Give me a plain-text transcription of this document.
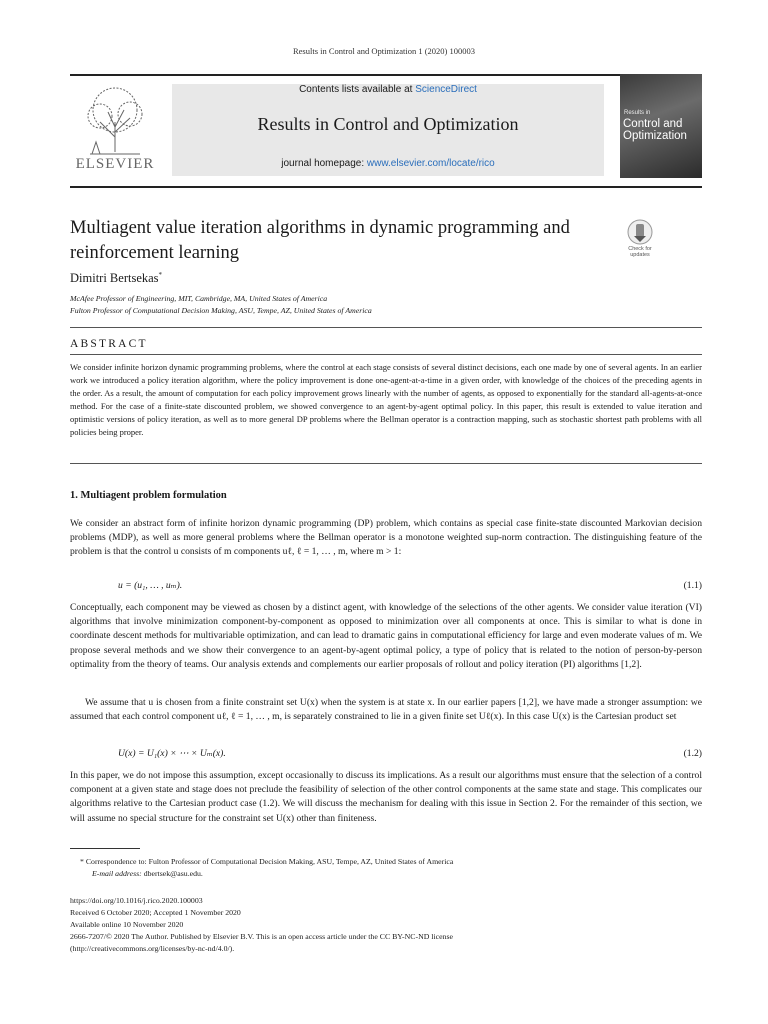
Results in Control and Optimization 1 (2020) 100003
ELSEVIER
Contents lists available at ScienceDirect
Results in Control and Optimization
journal homepage: www.elsevier.com/locate/rico
Results in
Control and
Optimization
Multiagent value iteration algorithms in dynamic programming and
reinforcement learning	Check for
updates
Dimitri Bertsekas*
McAfee Professor of Engineering, MIT, Cambridge, MA, United States of America
Fulton Professor of Computational Decision Making, ASU, Tempe, AZ, United States of America
ABSTRACT
We consider infinite horizon dynamic programming problems, where the control at each stage consists of several distinct decisions, each one made by one of several agents. In an earlier work we introduced a policy iteration algorithm, where the policy improvement is done one-agent-at-a-time in a given order, with knowledge of the choices of the preceding agents in the order. As a result, the amount of computation for each policy improvement grows linearly with the number of agents, as opposed to exponentially for the standard all-agents-at-once method. For the case of a finite-state discounted problem, we showed convergence to an agent-by-agent optimal policy. In this paper, this result is extended to value iteration and optimistic versions of policy iteration, as well as to more general DP problems where the Bellman operator is a contraction mapping, such as stochastic shortest path problems with all policies being proper.
1. Multiagent problem formulation
We consider an abstract form of infinite horizon dynamic programming (DP) problem, which contains as special case finite-state discounted Markovian decision problems (MDP), as well as more general problems where the Bellman operator is a monotone weighted sup-norm contraction. The distinguishing feature of the problem is that the control u consists of m components uℓ, ℓ = 1, … , m, where m > 1:
u = (u₁, … , uₘ).	(1.1)
Conceptually, each component may be viewed as chosen by a distinct agent, with knowledge of the selections of the other agents. We consider value iteration (VI) algorithms that involve minimization component-by-component as opposed to minimization over all components at once. This is similar to what is done in coordinate descent methods for multivariable optimization, and can lead to dramatic gains in computational efficiency for large and even moderate values of m. We propose several methods and we show their convergence to an agent-by-agent optimal policy, a type of policy that is related to the notion of person-by-person optimality from the theory of teams. Our analysis extends and complements our earlier proposals of rollout and policy iteration (PI) algorithms [1,2].
We assume that u is chosen from a finite constraint set U(x) when the system is at state x. In our earlier papers [1,2], we have made a stronger assumption: we assumed that each control component uℓ, ℓ = 1, … , m, is separately constrained to lie in a given finite set Uℓ(x). In this case U(x) is the Cartesian product set
U(x) = U₁(x) × ⋯ × Uₘ(x).	(1.2)
In this paper, we do not impose this assumption, except occasionally to discuss its implications. As a result our algorithms must ensure that the selection of a control component at a given state and stage does not preclude the feasibility of selection of the other control components at the same state and stage. This complicates our algorithms relative to the Cartesian product case (1.2). We will discuss the mechanism for dealing with this issue in Section 2. For the remainder of this section, we will assume no special structure for the constraint set U(x) other than finiteness.
* Correspondence to: Fulton Professor of Computational Decision Making, ASU, Tempe, AZ, United States of America
E-mail address: dbertsek@asu.edu.
https://doi.org/10.1016/j.rico.2020.100003
Received 6 October 2020; Accepted 1 November 2020
Available online 10 November 2020
2666-7207/© 2020 The Author. Published by Elsevier B.V. This is an open access article under the CC BY-NC-ND license
(http://creativecommons.org/licenses/by-nc-nd/4.0/).
